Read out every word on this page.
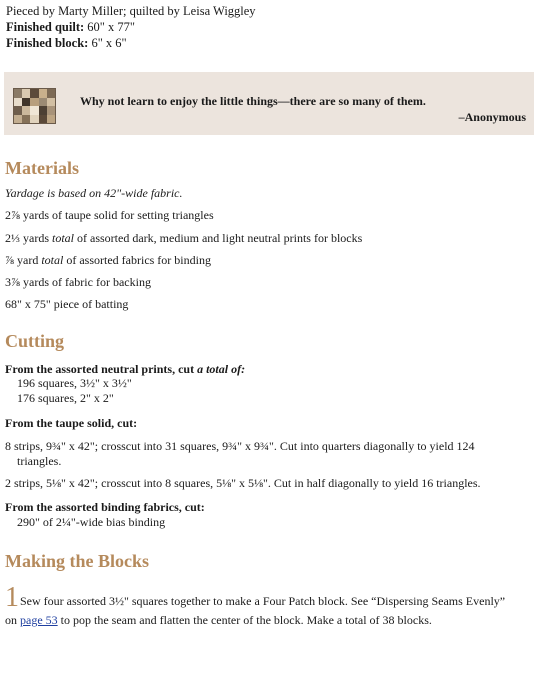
Pieced by Marty Miller; quilted by Leisa Wiggley
Finished quilt: 60" x 77"
Finished block: 6" x 6"
Why not learn to enjoy the little things—there are so many of them.
–Anonymous
Materials
Yardage is based on 42"-wide fabric.
2⅞ yards of taupe solid for setting triangles
2⅓ yards total of assorted dark, medium and light neutral prints for blocks
⅞ yard total of assorted fabrics for binding
3⅞ yards of fabric for backing
68" x 75" piece of batting
Cutting
From the assorted neutral prints, cut a total of:
196 squares, 3½" x 3½"
176 squares, 2" x 2"
From the taupe solid, cut:
8 strips, 9¾" x 42"; crosscut into 31 squares, 9¾" x 9¾". Cut into quarters diagonally to yield 124
triangles.
2 strips, 5⅛" x 42"; crosscut into 8 squares, 5⅛" x 5⅛". Cut in half diagonally to yield 16 triangles.
From the assorted binding fabrics, cut:
290" of 2¼"-wide bias binding
Making the Blocks
1 Sew four assorted 3½" squares together to make a Four Patch block. See “Dispersing Seams Evenly”
on page 53 to pop the seam and flatten the center of the block. Make a total of 38 blocks.
